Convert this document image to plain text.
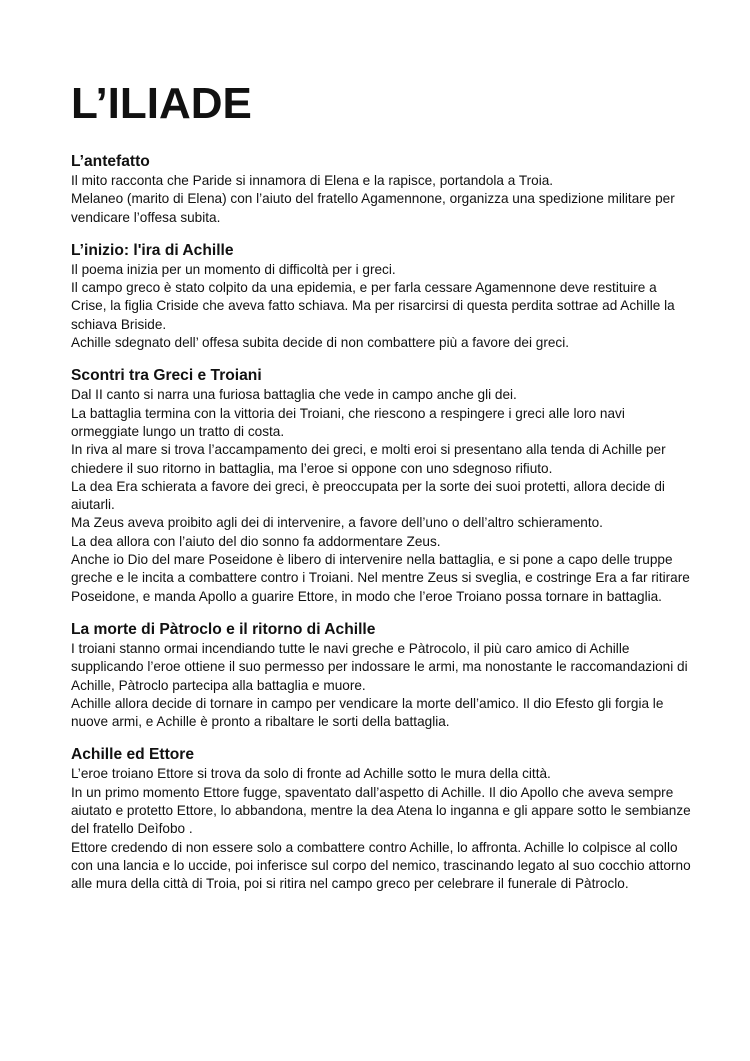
L’ILIADE
L’antefatto

Il mito racconta che Paride si innamora di Elena e la rapisce, portandola a Troia.

Melaneo (marito di Elena) con l’aiuto del fratello Agamennone, organizza una spedizione militare per vendicare l’offesa subita.

L’inizio: l'ira di Achille

Il poema inizia per un momento di difficoltà per i greci.

Il campo greco è stato colpito da una epidemia, e per farla cessare Agamennone deve restituire a Crise, la figlia Criside che aveva fatto schiava. Ma per risarcirsi di questa perdita sottrae ad Achille la schiava Briside.

Achille sdegnato dell’ offesa subita decide di non combattere più a favore dei greci.

Scontri tra Greci e Troiani

Dal II canto si narra una furiosa battaglia che vede in campo anche gli dei.

La battaglia termina con la vittoria dei Troiani, che riescono a respingere i greci alle loro navi ormeggiate lungo un tratto di costa.

In riva al mare si trova l’accampamento dei greci, e molti eroi si presentano alla tenda di Achille per chiedere il suo ritorno in battaglia, ma l’eroe si oppone con uno sdegnoso rifiuto.

La dea Era schierata a favore dei greci, è preoccupata per la sorte dei suoi protetti, allora decide di aiutarli.

Ma Zeus aveva proibito agli dei di intervenire, a favore dell’uno o dell’altro schieramento.

La dea allora con l’aiuto del dio sonno fa addormentare Zeus.

Anche io Dio del mare Poseidone è libero di intervenire nella battaglia, e si pone a capo delle truppe greche e le incita a combattere contro i Troiani. Nel mentre Zeus si sveglia, e costringe Era a far ritirare Poseidone, e manda Apollo a guarire Ettore, in modo che l’eroe Troiano possa tornare in battaglia.

La morte di Pàtroclo e il ritorno di Achille

I troiani stanno ormai incendiando tutte le navi greche e Pàtrocolo, il più caro amico di Achille supplicando l’eroe ottiene il suo permesso per indossare le armi, ma nonostante le raccomandazioni di Achille, Pàtroclo partecipa alla battaglia e muore.

Achille allora decide di tornare in campo per vendicare la morte dell’amico. Il dio Efesto gli forgia le nuove armi, e Achille è pronto a ribaltare le sorti della battaglia.

Achille ed Ettore

L’eroe troiano Ettore si trova da solo di fronte ad Achille sotto le mura della città.

In un primo momento Ettore fugge, spaventato dall’aspetto di Achille. Il dio Apollo che aveva sempre aiutato e protetto Ettore, lo abbandona, mentre la dea Atena lo inganna e gli appare sotto le sembianze del fratello Deìfobo .

Ettore credendo di non essere solo a combattere contro Achille, lo affronta. Achille lo colpisce al collo con una lancia e lo uccide, poi inferisce sul corpo del nemico, trascinando legato al suo cocchio attorno alle mura della città di Troia, poi si ritira nel campo greco per celebrare il funerale di Pàtroclo.
